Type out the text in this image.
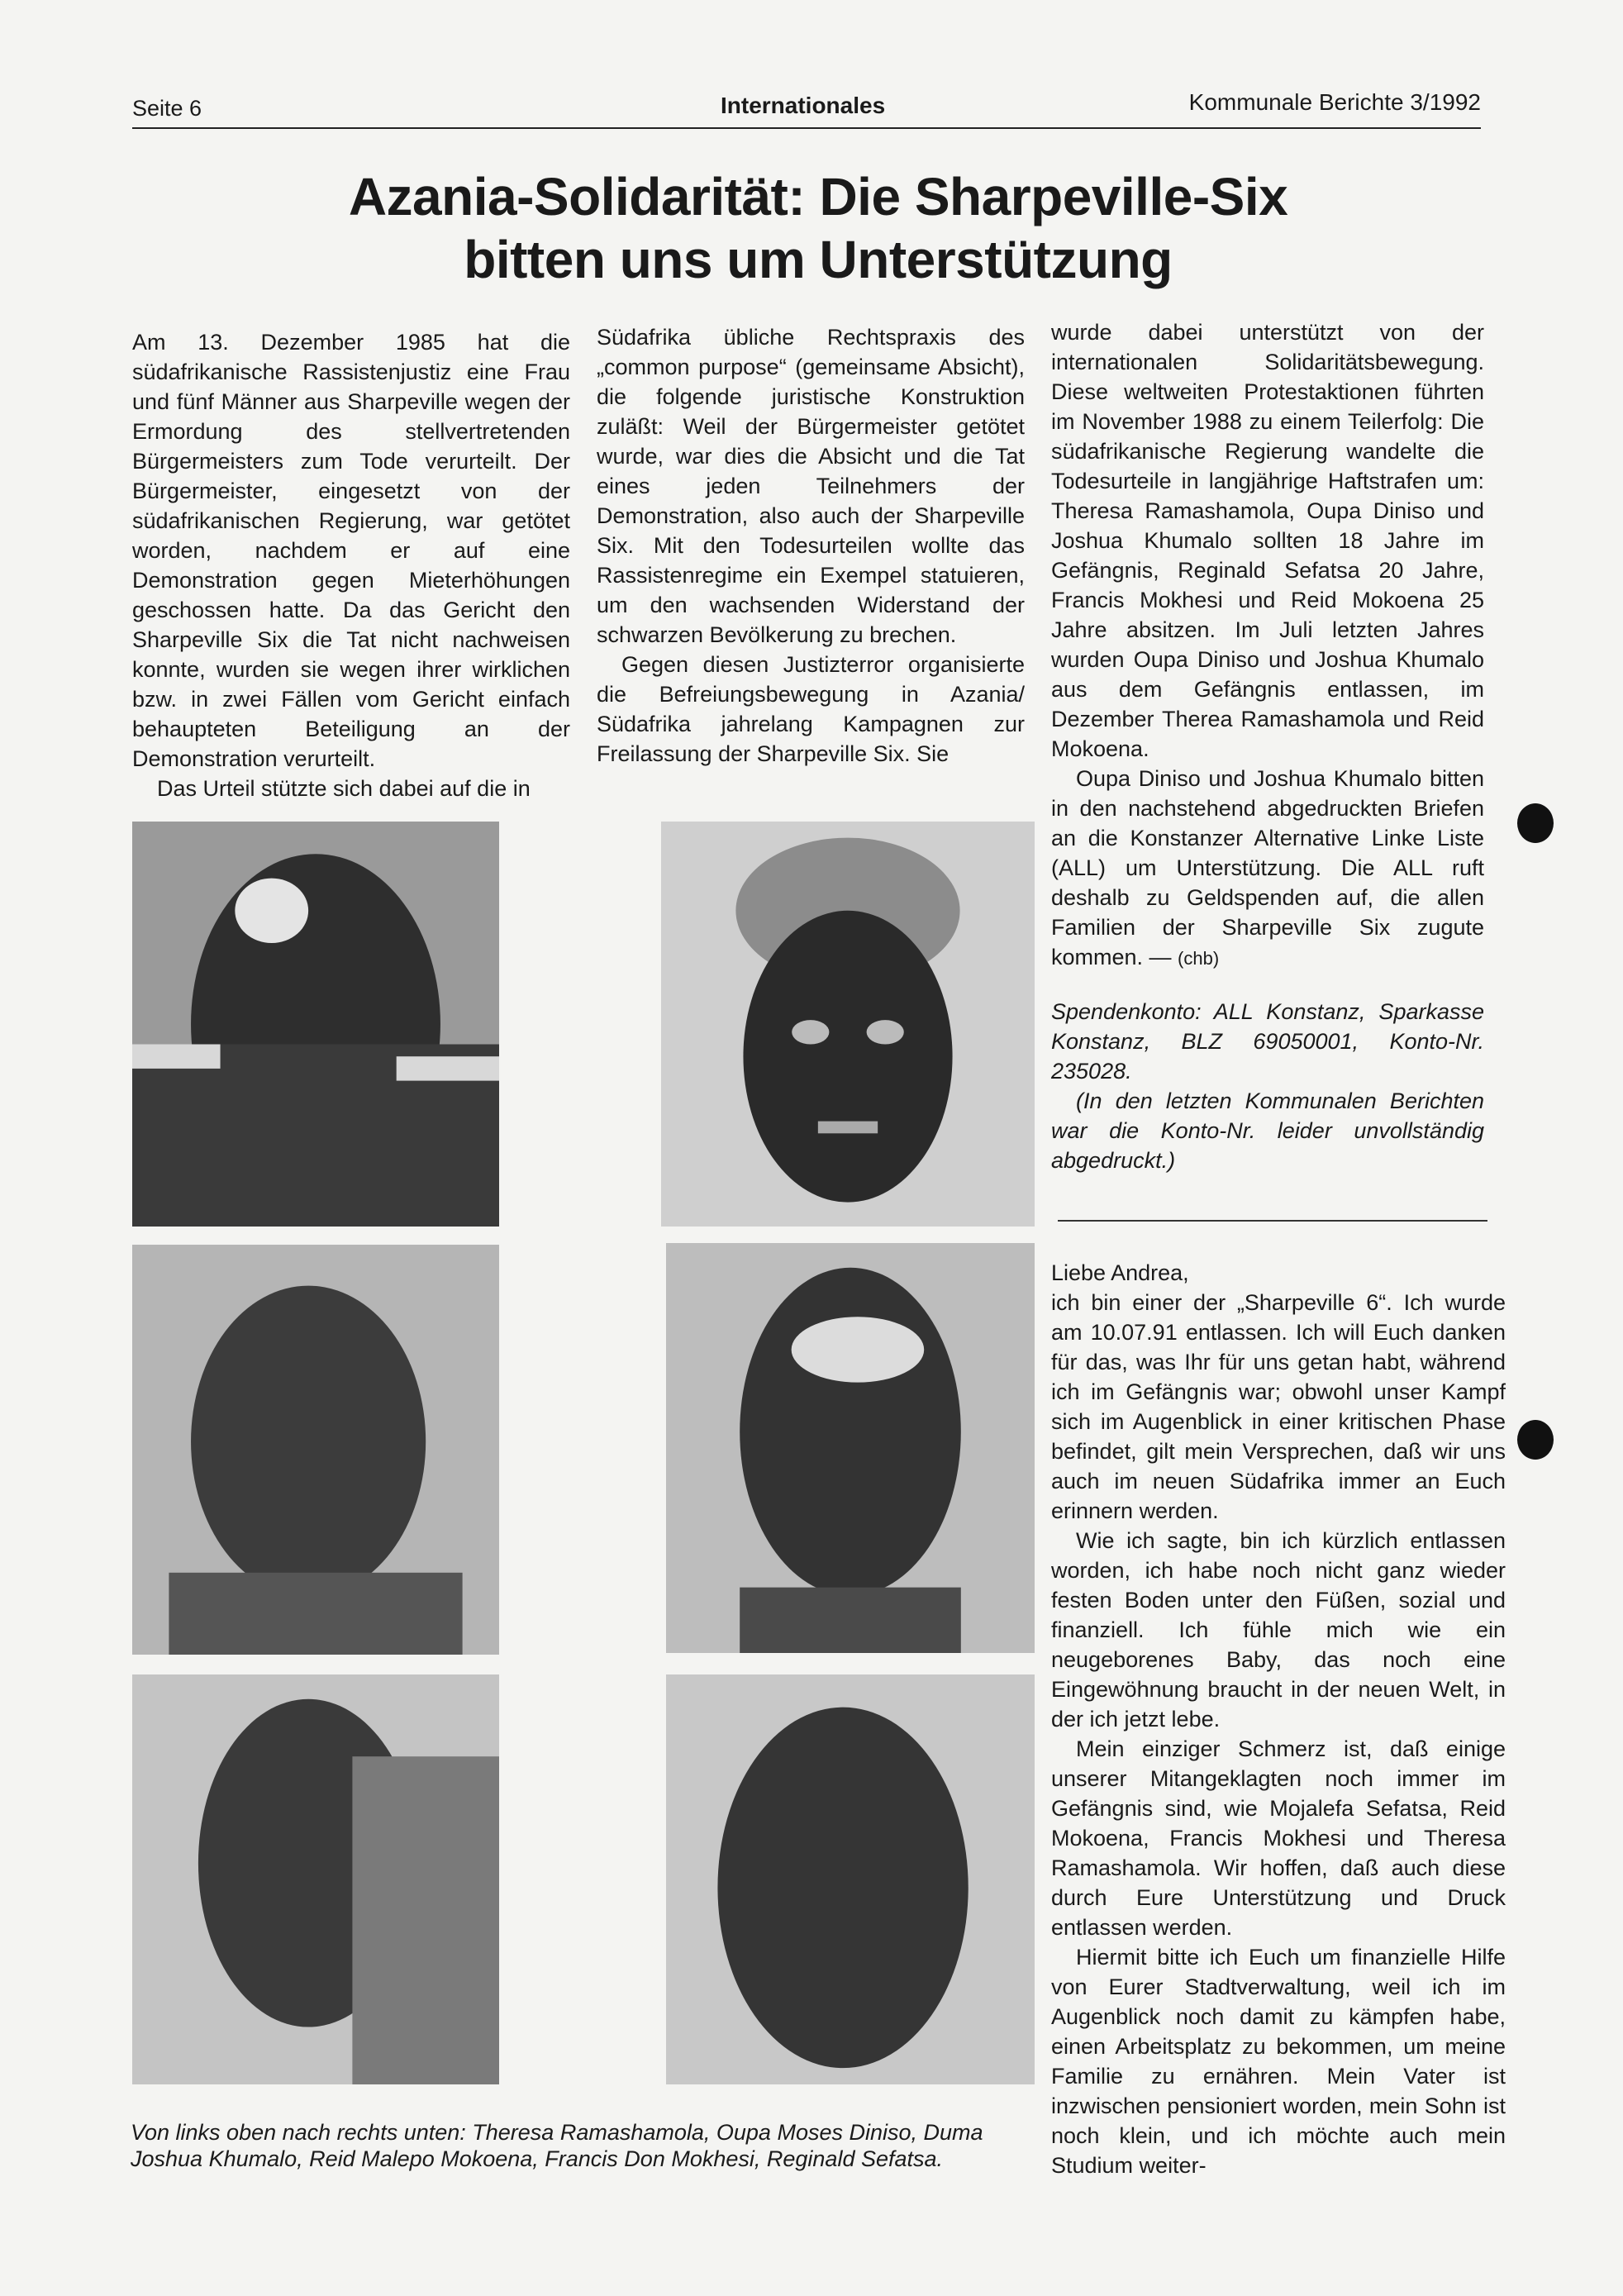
Seite 6	Internationales	Kommunale Berichte 3/1992
Azania-Solidarität: Die Sharpeville-Six
bitten uns um Unterstützung

Am 13. Dezember 1985 hat die südafrikanische Rassistenjustiz eine Frau und fünf Männer aus Sharpeville wegen der Ermordung des stellvertretenden Bürgermeisters zum Tode verurteilt. Der Bürgermeister, eingesetzt von der südafrikanischen Regierung, war getötet worden, nachdem er auf eine Demonstration gegen Mieterhöhungen geschossen hatte. Da das Gericht den Sharpeville Six die Tat nicht nachweisen konnte, wurden sie wegen ihrer wirklichen bzw. in zwei Fällen vom Gericht einfach behaupteten Beteiligung an der Demonstration verurteilt.

Das Urteil stützte sich dabei auf die in

Südafrika übliche Rechtspraxis des „common purpose“ (gemeinsame Absicht), die folgende juristische Konstruktion zuläßt: Weil der Bürgermeister getötet wurde, war dies die Absicht und die Tat eines jeden Teilnehmers der Demonstration, also auch der Sharpeville Six. Mit den Todesurteilen wollte das Rassistenregime ein Exempel statuieren, um den wachsenden Widerstand der schwarzen Bevölkerung zu brechen.

Gegen diesen Justizterror organisierte die Befreiungsbewegung in Azania/ Südafrika jahrelang Kampagnen zur Freilassung der Sharpeville Six. Sie

wurde dabei unterstützt von der internationalen Solidaritätsbewegung. Diese weltweiten Protestaktionen führten im November 1988 zu einem Teilerfolg: Die südafrikanische Regierung wandelte die Todesurteile in langjährige Haftstrafen um: Theresa Ramashamola, Oupa Diniso und Joshua Khumalo sollten 18 Jahre im Gefängnis, Reginald Sefatsa 20 Jahre, Francis Mokhesi und Reid Mokoena 25 Jahre absitzen. Im Juli letzten Jahres wurden Oupa Diniso und Joshua Khumalo aus dem Gefängnis entlassen, im Dezember Therea Ramashamola und Reid Mokoena.

Oupa Diniso und Joshua Khumalo bitten in den nachstehend abgedruckten Briefen an die Konstanzer Alternative Linke Liste (ALL) um Unterstützung. Die ALL ruft deshalb zu Geldspenden auf, die allen Familien der Sharpeville Six zugute kommen. — (chb)

Spendenkonto: ALL Konstanz, Sparkasse Konstanz, BLZ 69050001, Konto-Nr. 235028.

(In den letzten Kommunalen Berichten war die Konto-Nr. leider unvollständig abgedruckt.)

Liebe Andrea,

ich bin einer der „Sharpeville 6“. Ich wurde am 10.07.91 entlassen. Ich will Euch danken für das, was Ihr für uns getan habt, während ich im Gefängnis war; obwohl unser Kampf sich im Augenblick in einer kritischen Phase befindet, gilt mein Versprechen, daß wir uns auch im neuen Südafrika immer an Euch erinnern werden.

Wie ich sagte, bin ich kürzlich entlassen worden, ich habe noch nicht ganz wieder festen Boden unter den Füßen, sozial und finanziell. Ich fühle mich wie ein neugeborenes Baby, das noch eine Eingewöhnung braucht in der neuen Welt, in der ich jetzt lebe.

Mein einziger Schmerz ist, daß einige unserer Mitangeklagten noch immer im Gefängnis sind, wie Mojalefa Sefatsa, Reid Mokoena, Francis Mokhesi und Theresa Ramashamola. Wir hoffen, daß auch diese durch Eure Unterstützung und Druck entlassen werden.

Hiermit bitte ich Euch um finanzielle Hilfe von Eurer Stadtverwaltung, weil ich im Augenblick noch damit zu kämpfen habe, einen Arbeitsplatz zu bekommen, um meine Familie zu ernähren. Mein Vater ist inzwischen pensioniert worden, mein Sohn ist noch klein, und ich möchte auch mein Studium weiter-

Von links oben nach rechts unten: Theresa Ramashamola, Oupa Moses Diniso, Duma Joshua Khumalo, Reid Malepo Mokoena, Francis Don Mokhesi, Reginald Sefatsa.
